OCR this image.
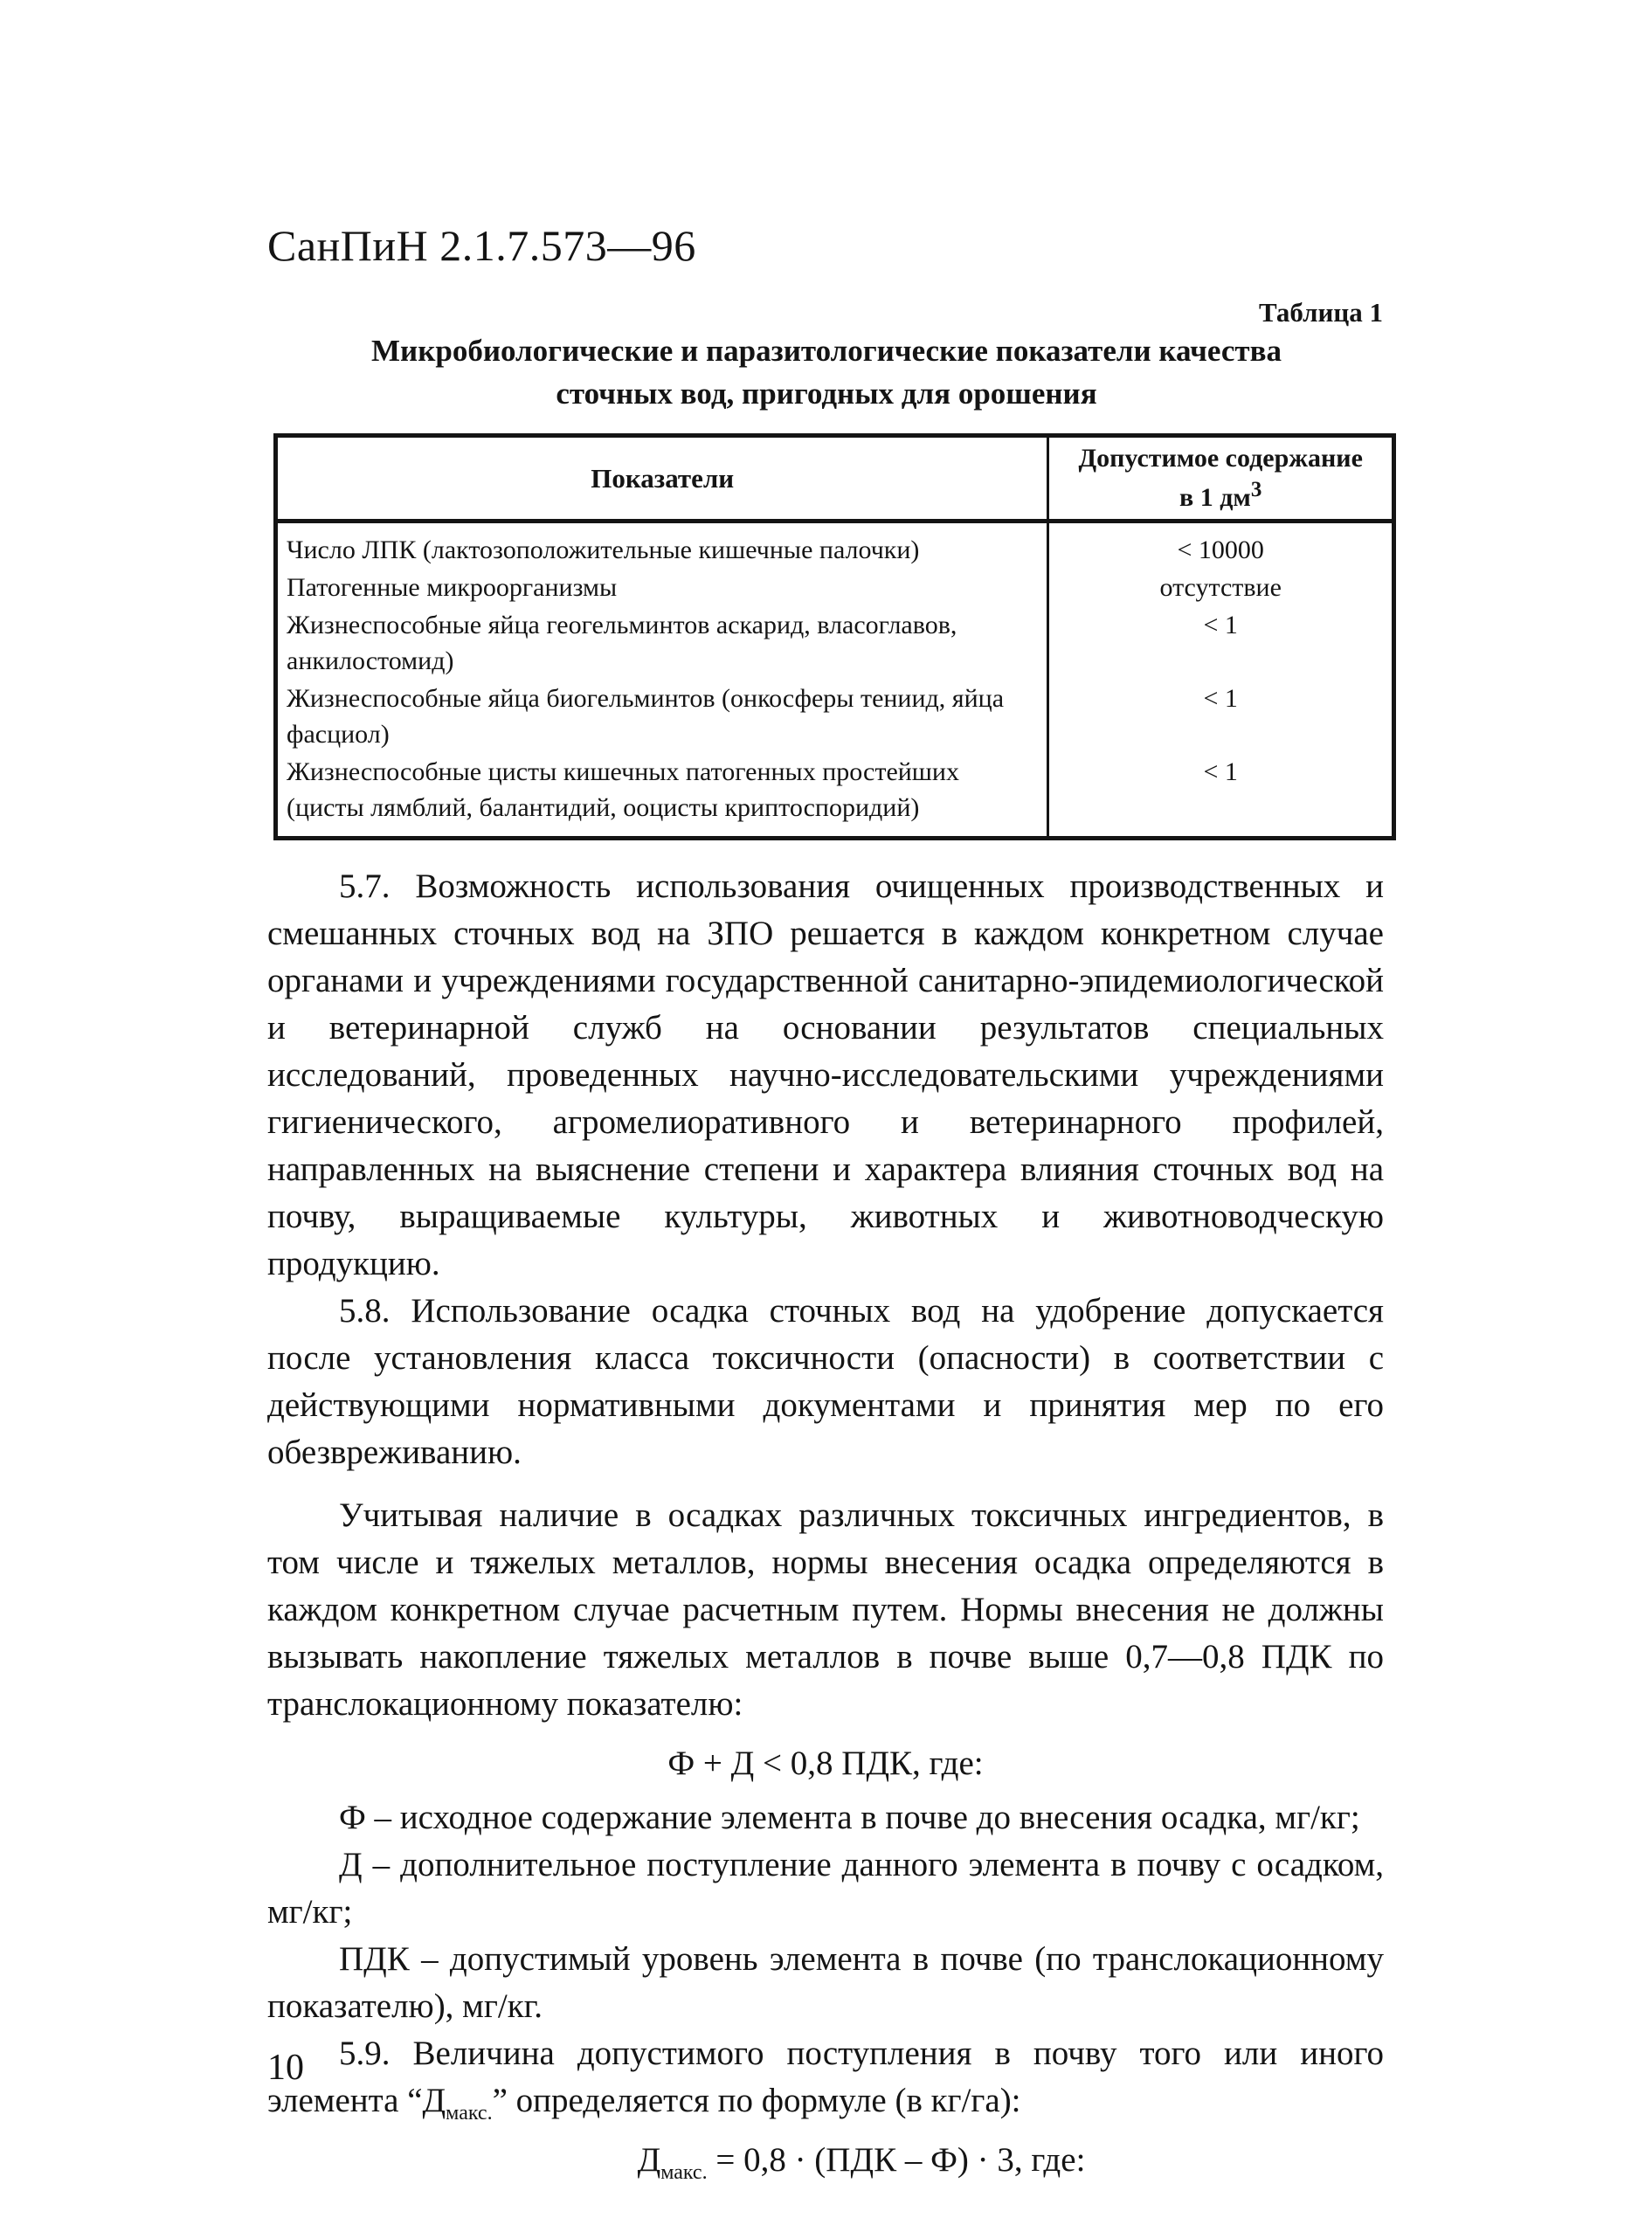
СанПиН 2.1.7.573—96
Таблица 1
Микробиологические и паразитологические показатели качества
сточных вод, пригодных для орошения
Показатели	Допустимое содержание
в 1 $дм^3$
Число ЛПК (лактозоположительные кишечные палочки)	< 10000
Патогенные микроорганизмы	отсутствие
Жизнеспособные яйца геогельминтов аскарид, власоглавов, анкилостомид)	< 1
Жизнеспособные яйца биогельминтов (онкосферы тениид, яйца фасциол)	< 1
Жизнеспособные цисты кишечных патогенных простейших (цисты лямблий, балантидий, ооцисты криптоспоридий)	< 1

5.7. Возможность использования очищенных производственных и смешанных сточных вод на ЗПО решается в каждом конкретном случае органами и учреждениями государственной санитарно-эпидемиологической и ветеринарной служб на основании результатов специальных исследований, проведенных научно-исследовательскими учреждениями гигиенического, агромелиоративного и ветеринарного профилей, направленных на выяснение степени и характера влияния сточных вод на почву, выращиваемые культуры, животных и животноводческую продукцию.

5.8. Использование осадка сточных вод на удобрение допускается после установления класса токсичности (опасности) в соответствии с действующими нормативными документами и принятия мер по его обезвреживанию.

Учитывая наличие в осадках различных токсичных ингредиентов, в том числе и тяжелых металлов, нормы внесения осадка определяются в каждом конкретном случае расчетным путем. Нормы внесения не должны вызывать накопление тяжелых металлов в почве выше 0,7—0,8 ПДК по транслокационному показателю:

Ф + Д < 0,8 ПДК, где:

Ф – исходное содержание элемента в почве до внесения осадка, мг/кг;

Д – дополнительное поступление данного элемента в почву с осадком, мг/кг;

ПДК – допустимый уровень элемента в почве (по транслокационному показателю), мг/кг.

5.9. Величина допустимого поступления в почву того или иного элемента “$Д_{макс.}$” определяется по формуле (в кг/га):

$Д_{макс.} = 0,8 \cdot (ПДК - Ф) \cdot 3$, где:

10
